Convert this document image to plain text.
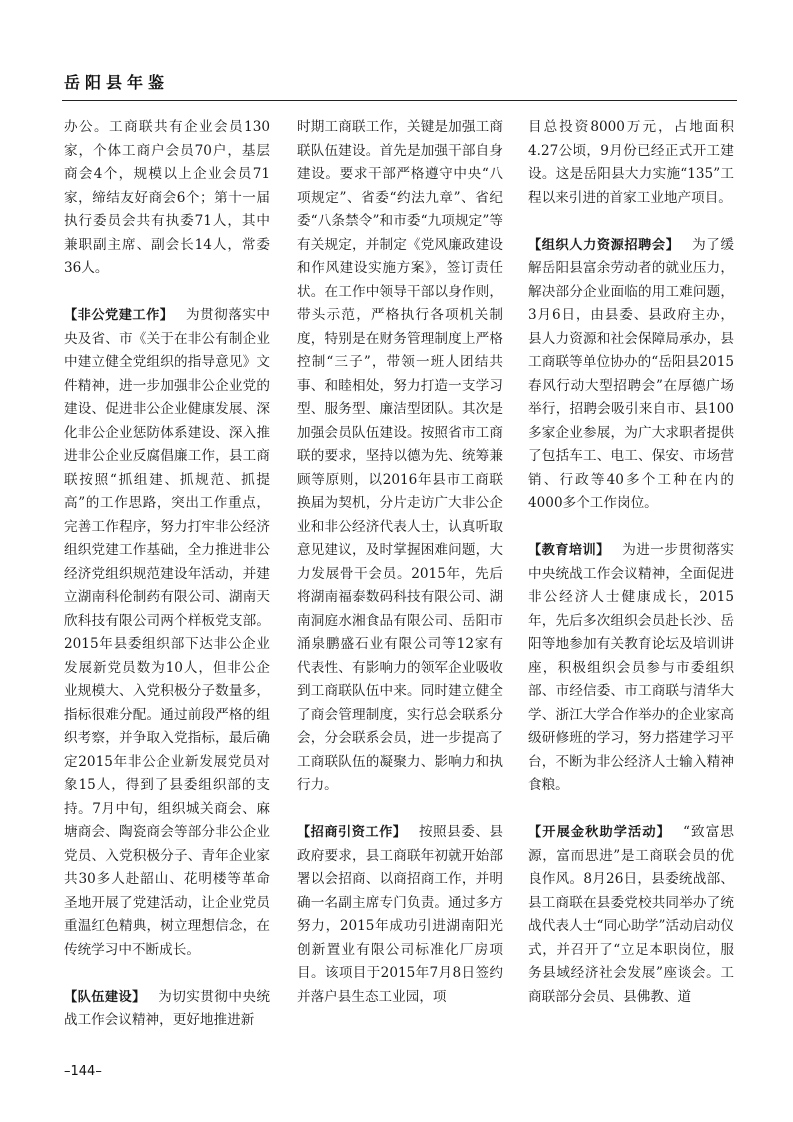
岳阳县年鉴

办公。工商联共有企业会员130家，个体工商户会员70户，基层商会4个，规模以上企业会员71家，缔结友好商会6个；第十一届执行委员会共有执委71人，其中兼职副主席、副会长14人，常委36人。

【非公党建工作】 为贯彻落实中央及省、市《关于在非公有制企业中建立健全党组织的指导意见》文件精神，进一步加强非公企业党的建设、促进非公企业健康发展、深化非公企业惩防体系建设、深入推进非公企业反腐倡廉工作，县工商联按照“抓组建、抓规范、抓提高”的工作思路，突出工作重点，完善工作程序，努力打牢非公经济组织党建工作基础，全力推进非公经济党组织规范建设年活动，并建立湖南科伦制药有限公司、湖南天欣科技有限公司两个样板党支部。2015年县委组织部下达非公企业发展新党员数为10人，但非公企业规模大、入党积极分子数量多，指标很难分配。通过前段严格的组织考察，并争取入党指标，最后确定2015年非公企业新发展党员对象15人，得到了县委组织部的支持。7月中旬，组织城关商会、麻塘商会、陶瓷商会等部分非公企业党员、入党积极分子、青年企业家共30多人赴韶山、花明楼等革命圣地开展了党建活动，让企业党员重温红色精典，树立理想信念，在传统学习中不断成长。

【队伍建设】 为切实贯彻中央统战工作会议精神，更好地推进新

时期工商联工作，关键是加强工商联队伍建设。首先是加强干部自身建设。要求干部严格遵守中央“八项规定”、省委“约法九章”、省纪委“八条禁令”和市委“九项规定”等有关规定，并制定《党风廉政建设和作风建设实施方案》，签订责任状。在工作中领导干部以身作则，带头示范，严格执行各项机关制度，特别是在财务管理制度上严格控制“三子”，带领一班人团结共事、和睦相处，努力打造一支学习型、服务型、廉洁型团队。其次是加强会员队伍建设。按照省市工商联的要求，坚持以德为先、统筹兼顾等原则，以2016年县市工商联换届为契机，分片走访广大非公企业和非公经济代表人士，认真听取意见建议，及时掌握困难问题，大力发展骨干会员。2015年，先后将湖南福泰数码科技有限公司、湖南洞庭水湘食品有限公司、岳阳市涌泉鹏盛石业有限公司等12家有代表性、有影响力的领军企业吸收到工商联队伍中来。同时建立健全了商会管理制度，实行总会联系分会，分会联系会员，进一步提高了工商联队伍的凝聚力、影响力和执行力。

【招商引资工作】 按照县委、县政府要求，县工商联年初就开始部署以会招商、以商招商工作，并明确一名副主席专门负责。通过多方努力，2015年成功引进湖南阳光创新置业有限公司标准化厂房项目。该项目于2015年7月8日签约并落户县生态工业园，项

目总投资8000万元，占地面积4.27公顷，9月份已经正式开工建设。这是岳阳县大力实施“135”工程以来引进的首家工业地产项目。

【组织人力资源招聘会】 为了缓解岳阳县富余劳动者的就业压力，解决部分企业面临的用工难问题，3月6日，由县委、县政府主办，县人力资源和社会保障局承办，县工商联等单位协办的“岳阳县2015春风行动大型招聘会”在厚德广场举行，招聘会吸引来自市、县100多家企业参展，为广大求职者提供了包括车工、电工、保安、市场营销、行政等40多个工种在内的4000多个工作岗位。

【教育培训】 为进一步贯彻落实中央统战工作会议精神，全面促进非公经济人士健康成长，2015年，先后多次组织会员赴长沙、岳阳等地参加有关教育论坛及培训讲座，积极组织会员参与市委组织部、市经信委、市工商联与清华大学、浙江大学合作举办的企业家高级研修班的学习，努力搭建学习平台，不断为非公经济人士输入精神食粮。

【开展金秋助学活动】 “致富思源，富而思进”是工商联会员的优良作风。8月26日，县委统战部、县工商联在县委党校共同举办了统战代表人士“同心助学”活动启动仪式，并召开了“立足本职岗位，服务县域经济社会发展”座谈会。工商联部分会员、县佛教、道

–144–
